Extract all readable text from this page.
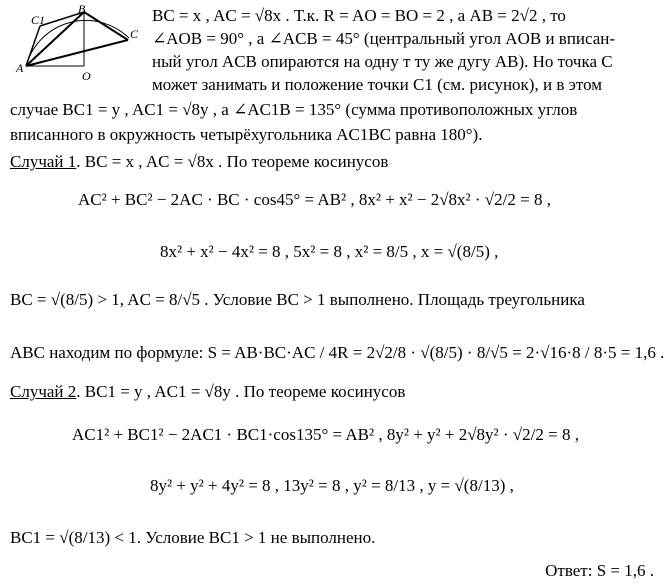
C1
B
C
A
O
BC = x , AC = √8x . Т.к. R = AO = BO = 2 , а AB = 2√2 , то
∠AOB = 90° , а ∠ACB = 45° (центральный угол AOB и вписан-
ный угол ACB опираются на одну т ту же дугу AB). Но точка C
может занимать и положение точки C1 (см. рисунок), и в этом
случае BC1 = y , AC1 = √8y , а ∠AC1B = 135° (сумма противоположных углов
вписанного в окружность четырёхугольника AC1BC равна 180°).
Случай 1. BC = x , AC = √8x . По теореме косинусов
AC² + BC² − 2AC · BC · cos45° = AB² , 8x² + x² − 2√8x² · √2/2 = 8 ,
8x² + x² − 4x² = 8 , 5x² = 8 , x² = 8/5 , x = √(8/5) ,
BC = √(8/5) > 1, AC = 8/√5 . Условие BC > 1 выполнено. Площадь треугольника
ABC находим по формуле: S = AB·BC·AC / 4R = 2√2/8 · √(8/5) · 8/√5 = 2·√16·8 / 8·5 = 1,6 .
Случай 2. BC1 = y , AC1 = √8y . По теореме косинусов
AC1² + BC1² − 2AC1 · BC1·cos135° = AB² , 8y² + y² + 2√8y² · √2/2 = 8 ,
8y² + y² + 4y² = 8 , 13y² = 8 , y² = 8/13 , y = √(8/13) ,
BC1 = √(8/13) < 1. Условие BC1 > 1 не выполнено.
Ответ: S = 1,6 .
